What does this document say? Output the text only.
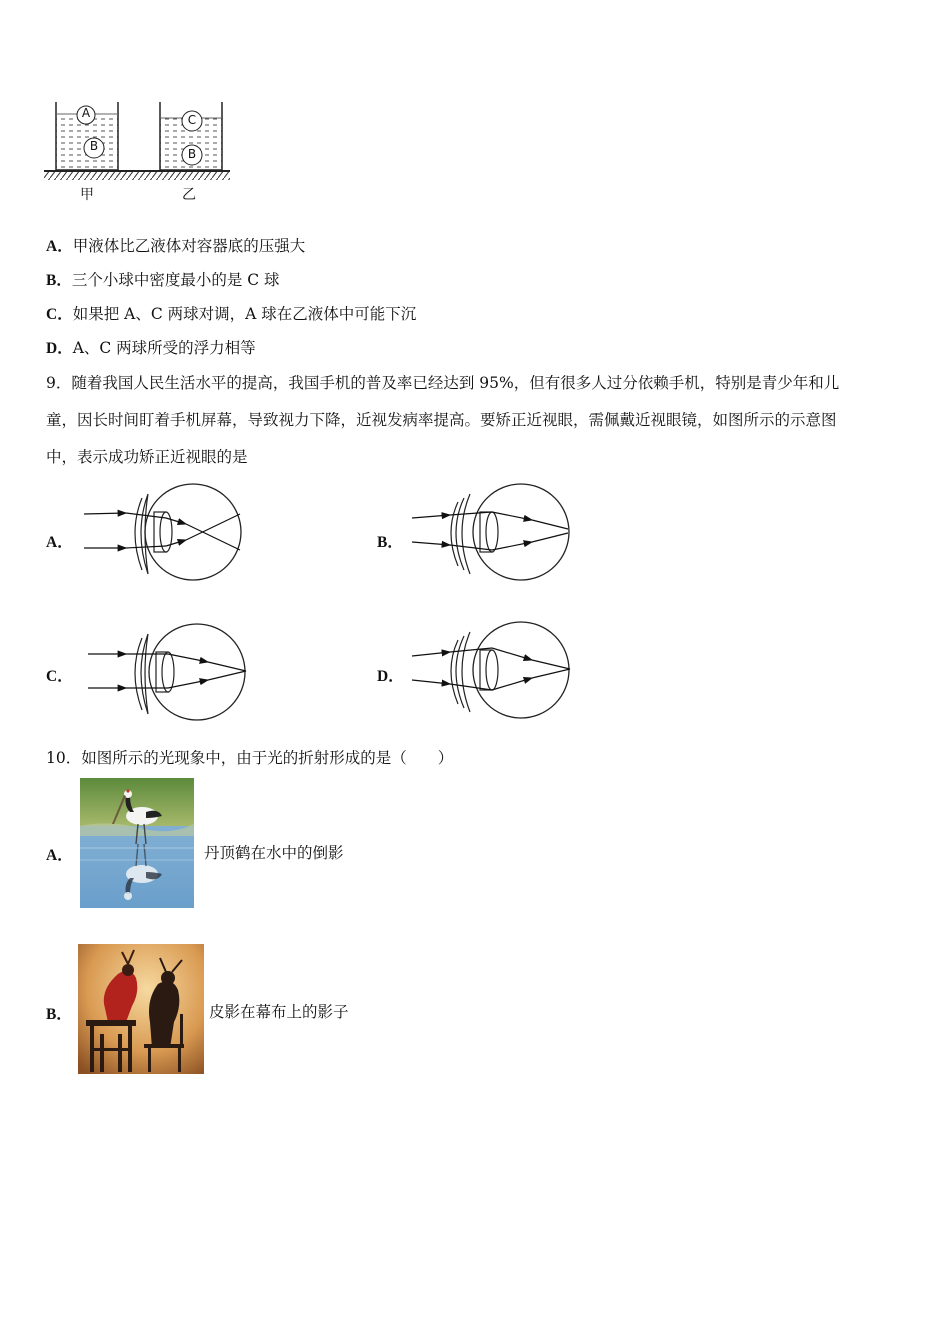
A
B
C
B
甲	乙
A．甲液体比乙液体对容器底的压强大
B．三个小球中密度最小的是 C 球
C．如果把 A、C 两球对调，A 球在乙液体中可能下沉
D．A、C 两球所受的浮力相等
9．随着我国人民生活水平的提高，我国手机的普及率已经达到 95%，但有很多人过分依赖手机，特别是青少年和儿
童，因长时间盯着手机屏幕，导致视力下降，近视发病率提高。要矫正近视眼，需佩戴近视眼镜，如图所示的示意图
中，表示成功矫正近视眼的是
A．	B．
C．	D．
10．如图所示的光现象中，由于光的折射形成的是（　　）
A．	丹顶鹤在水中的倒影
B．	皮影在幕布上的影子
